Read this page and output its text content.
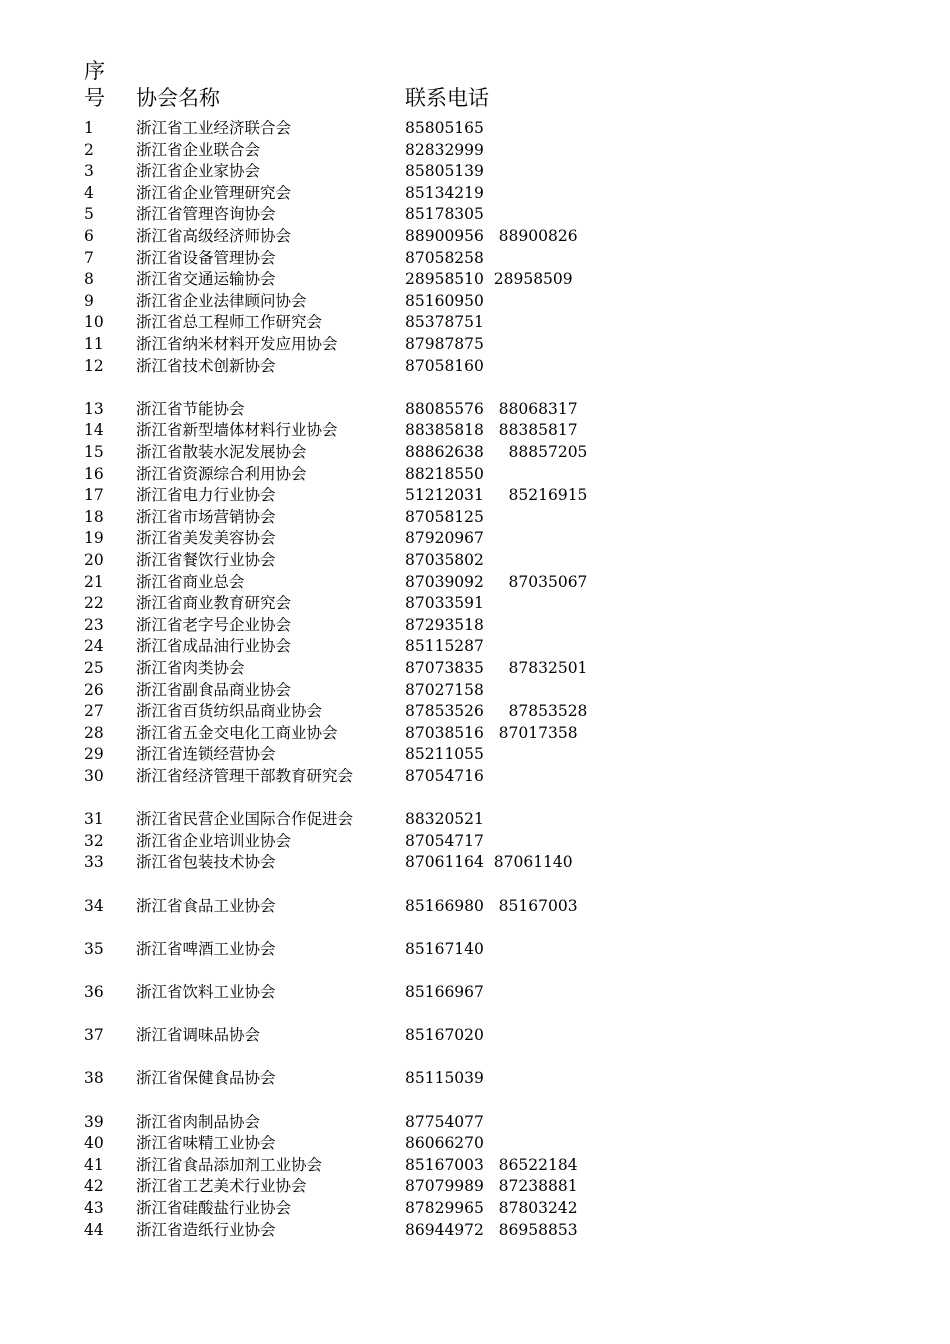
序
号 协会名称	联系电话
1	浙江省工业经济联合会	85805165
2	浙江省企业联合会	82832999
3	浙江省企业家协会	85805139
4	浙江省企业管理研究会	85134219
5	浙江省管理咨询协会	85178305
6	浙江省高级经济师协会	88900956   88900826
7	浙江省设备管理协会	87058258
8	浙江省交通运输协会	28958510  28958509
9	浙江省企业法律顾问协会	85160950
10 浙江省总工程师工作研究会	85378751
11 浙江省纳米材料开发应用协会	87987875
12 浙江省技术创新协会	87058160
13 浙江省节能协会	88085576   88068317
14 浙江省新型墙体材料行业协会	88385818   88385817
15 浙江省散装水泥发展协会	88862638     88857205
16 浙江省资源综合利用协会	88218550
17 浙江省电力行业协会	51212031     85216915
18 浙江省市场营销协会	87058125
19 浙江省美发美容协会	87920967
20 浙江省餐饮行业协会	87035802
21 浙江省商业总会	87039092     87035067
22 浙江省商业教育研究会	87033591
23 浙江省老字号企业协会	87293518
24 浙江省成品油行业协会	85115287
25 浙江省肉类协会	87073835     87832501
26 浙江省副食品商业协会	87027158
27 浙江省百货纺织品商业协会	87853526     87853528
28 浙江省五金交电化工商业协会	87038516   87017358
29 浙江省连锁经营协会	85211055
30 浙江省经济管理干部教育研究会	87054716
31 浙江省民营企业国际合作促进会	88320521
32 浙江省企业培训业协会	87054717
33 浙江省包装技术协会	87061164  87061140
34 浙江省食品工业协会	85166980   85167003
35 浙江省啤酒工业协会	85167140
36 浙江省饮料工业协会	85166967
37 浙江省调味品协会	85167020
38 浙江省保健食品协会	85115039
39 浙江省肉制品协会	87754077
40 浙江省味精工业协会	86066270
41 浙江省食品添加剂工业协会	85167003   86522184
42 浙江省工艺美术行业协会	87079989   87238881
43 浙江省硅酸盐行业协会	87829965   87803242
44 浙江省造纸行业协会	86944972   86958853
